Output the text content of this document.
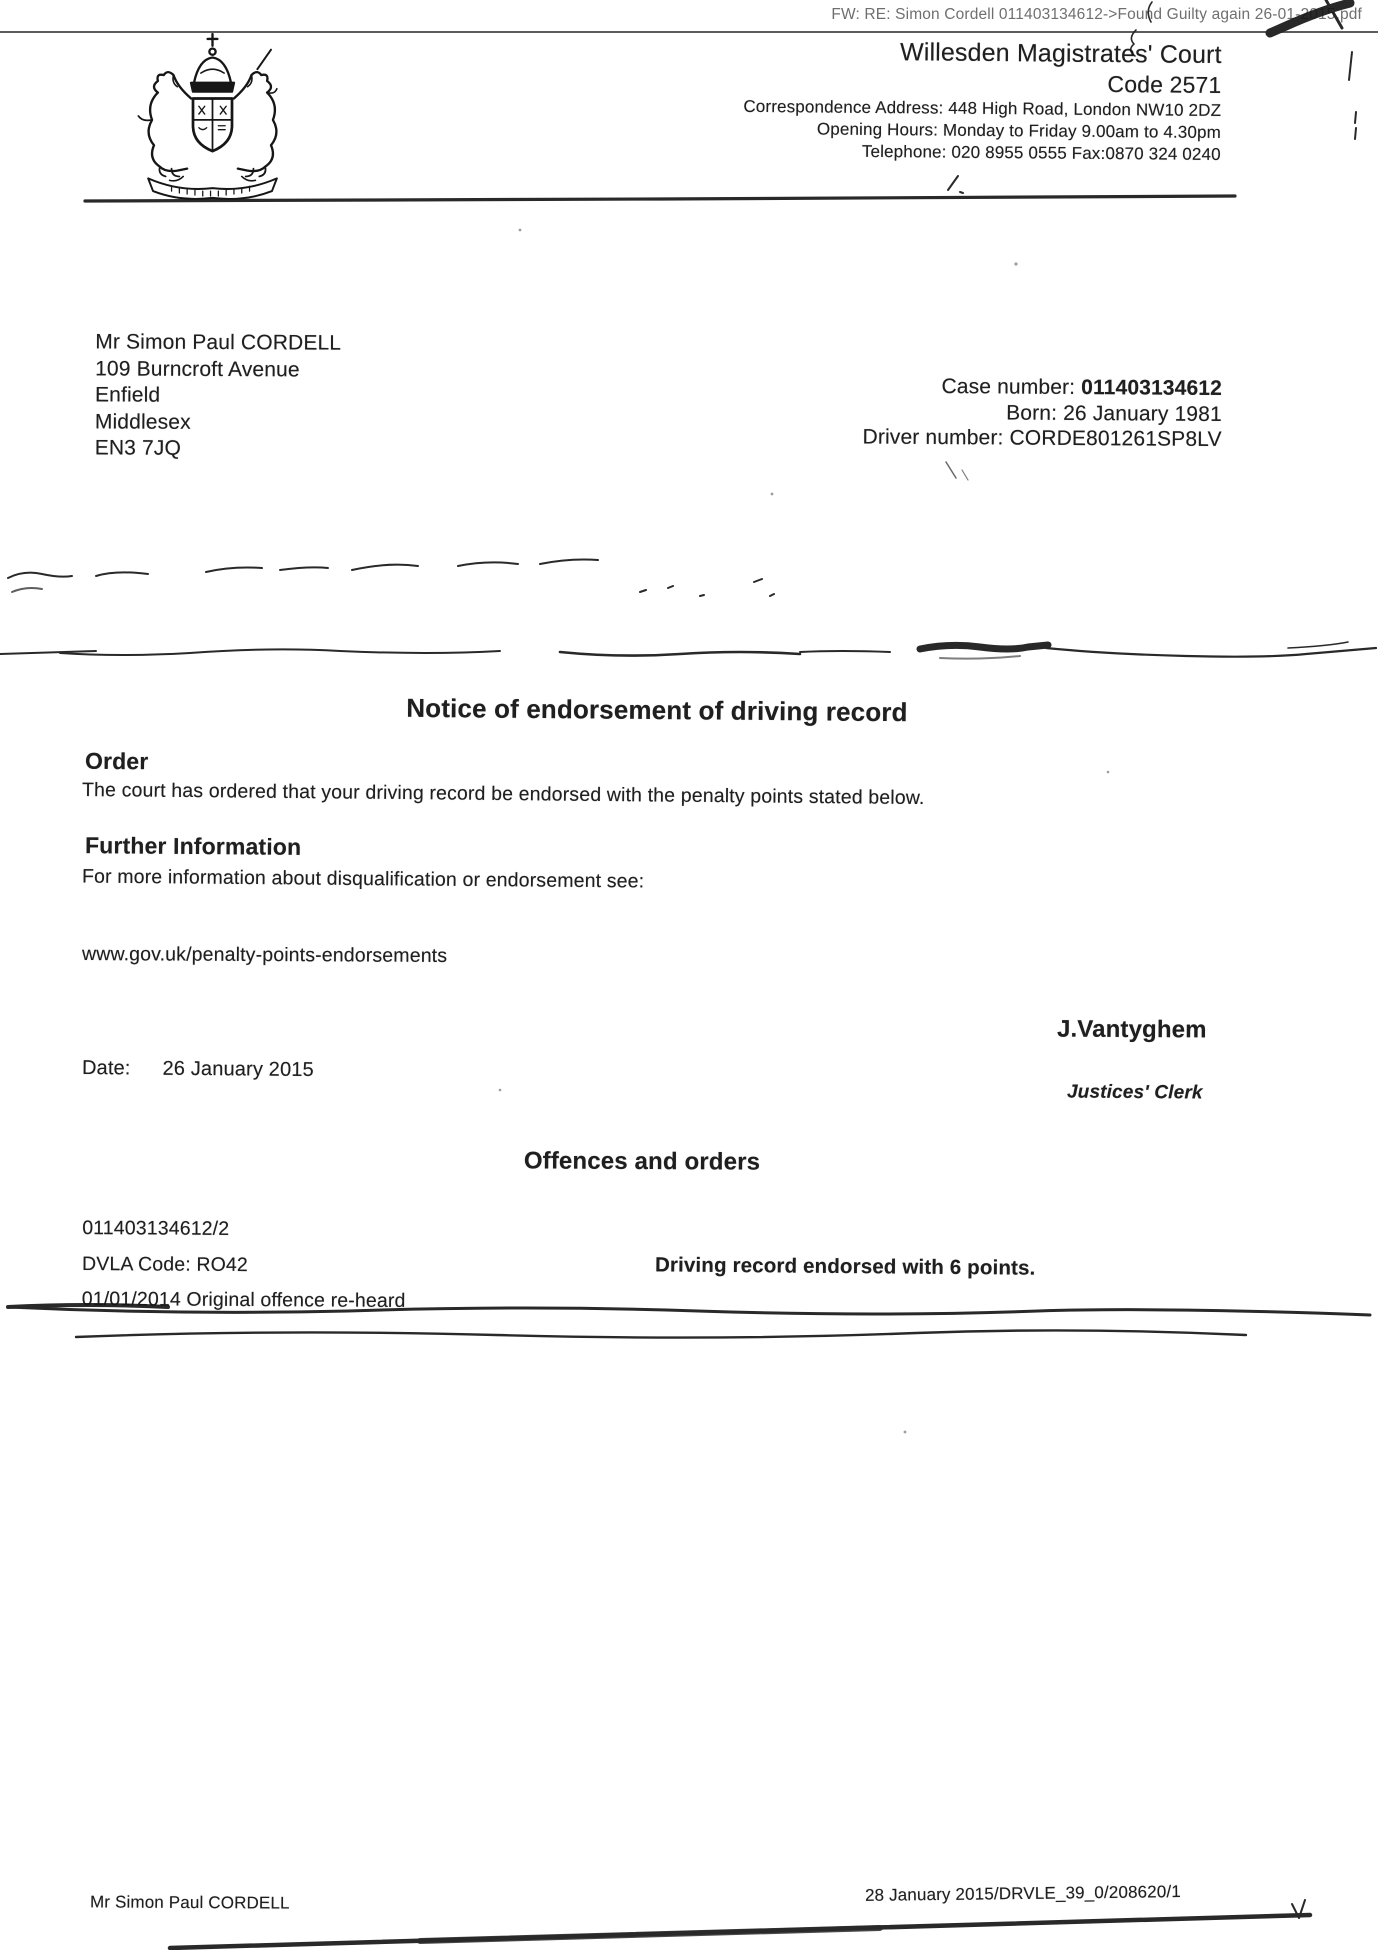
FW: RE: Simon Cordell 011403134612->Found Guilty again 26-01-2015.pdf
Willesden Magistrates' Court
Code 2571
Correspondence Address: 448 High Road, London NW10 2DZ
Opening Hours: Monday to Friday 9.00am to 4.30pm
Telephone: 020 8955 0555 Fax:0870 324 0240
Mr Simon Paul CORDELL
109 Burncroft Avenue
Enfield
Middlesex
EN3 7JQ
Case number: 011403134612
Born: 26 January 1981
Driver number: CORDE801261SP8LV
Notice of endorsement of driving record
Order
The court has ordered that your driving record be endorsed with the penalty points stated below.
Further Information
For more information about disqualification or endorsement see:
www.gov.uk/penalty-points-endorsements
J.Vantyghem
Date: 26 January 2015
Justices' Clerk
Offences and orders
011403134612/2
DVLA Code: RO42
01/01/2014 Original offence re-heard
Driving record endorsed with 6 points.
Mr Simon Paul CORDELL	28 January 2015/DRVLE_39_0/208620/1
